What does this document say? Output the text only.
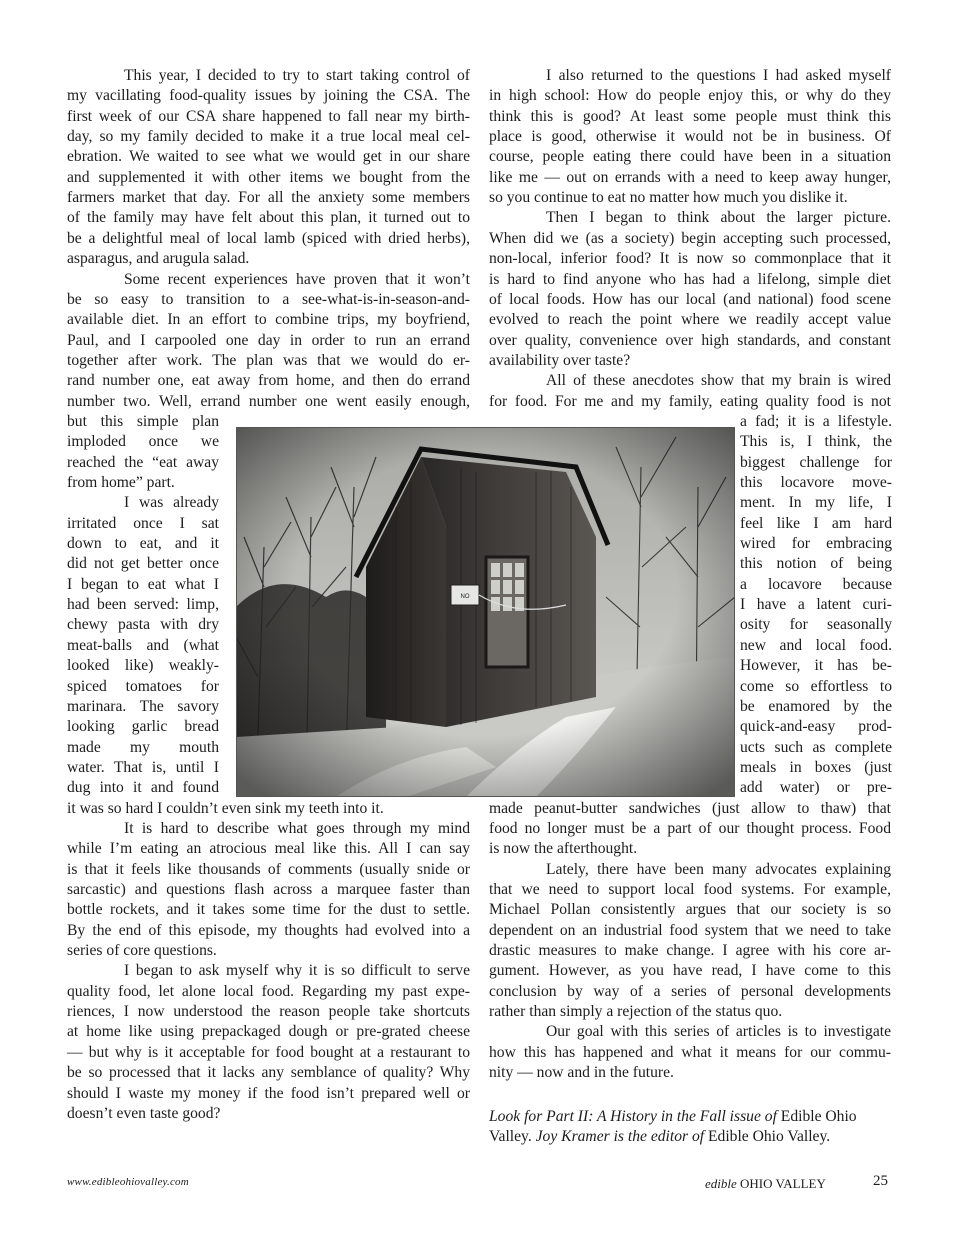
This year, I decided to try to start taking control of
my vacillating food-quality issues by joining the CSA. The
first week of our CSA share happened to fall near my birth-
day, so my family decided to make it a true local meal cel-
ebration. We waited to see what we would get in our share
and supplemented it with other items we bought from the
farmers market that day. For all the anxiety some members
of the family may have felt about this plan, it turned out to
be a delightful meal of local lamb (spiced with dried herbs),
asparagus, and arugula salad.
Some recent experiences have proven that it won’t
be so easy to transition to a see-what-is-in-season-and-
available diet. In an effort to combine trips, my boyfriend,
Paul, and I carpooled one day in order to run an errand
together after work. The plan was that we would do er-
rand number one, eat away from home, and then do errand
number two. Well, errand number one went easily enough,
but this simple plan
imploded once we
reached the “eat away
from home” part.
I was already
irritated once I sat
down to eat, and it
did not get better once
I began to eat what I
had been served: limp,
chewy pasta with dry
meat-balls and (what
looked like) weakly-
spiced tomatoes for
marinara. The savory
looking garlic bread
made my mouth
water. That is, until I
dug into it and found
it was so hard I couldn’t even sink my teeth into it.
It is hard to describe what goes through my mind
while I’m eating an atrocious meal like this. All I can say
is that it feels like thousands of comments (usually snide or
sarcastic) and questions flash across a marquee faster than
bottle rockets, and it takes some time for the dust to settle.
By the end of this episode, my thoughts had evolved into a
series of core questions.
I began to ask myself why it is so difficult to serve
quality food, let alone local food. Regarding my past expe-
riences, I now understood the reason people take shortcuts
at home like using prepackaged dough or pre-grated cheese
— but why is it acceptable for food bought at a restaurant to
be so processed that it lacks any semblance of quality? Why
should I waste my money if the food isn’t prepared well or
doesn’t even taste good?
I also returned to the questions I had asked myself
in high school: How do people enjoy this, or why do they
think this is good? At least some people must think this
place is good, otherwise it would not be in business. Of
course, people eating there could have been in a situation
like me — out on errands with a need to keep away hunger,
so you continue to eat no matter how much you dislike it.
Then I began to think about the larger picture.
When did we (as a society) begin accepting such processed,
non-local, inferior food? It is now so commonplace that it
is hard to find anyone who has had a lifelong, simple diet
of local foods. How has our local (and national) food scene
evolved to reach the point where we readily accept value
over quality, convenience over high standards, and constant
availability over taste?
All of these anecdotes show that my brain is wired
for food. For me and my family, eating quality food is not
a fad; it is a lifestyle.
This is, I think, the
biggest challenge for
this locavore move-
ment. In my life, I
feel like I am hard
wired for embracing
this notion of being
a locavore because
I have a latent curi-
osity for seasonally
new and local food.
However, it has be-
come so effortless to
be enamored by the
quick-and-easy prod-
ucts such as complete
meals in boxes (just
add water) or pre-
made peanut-butter sandwiches (just allow to thaw) that
food no longer must be a part of our thought process. Food
is now the afterthought.
Lately, there have been many advocates explaining
that we need to support local food systems. For example,
Michael Pollan consistently argues that our society is so
dependent on an industrial food system that we need to take
drastic measures to make change. I agree with his core ar-
gument. However, as you have read, I have come to this
conclusion by way of a series of personal developments
rather than simply a rejection of the status quo.
Our goal with this series of articles is to investigate
how this has happened and what it means for our commu-
nity — now and in the future.
Look for Part II: A History in the Fall issue of Edible Ohio
Valley. Joy Kramer is the editor of Edible Ohio Valley.
www.edibleohiovalley.com	edible OHIO VALLEY	25
